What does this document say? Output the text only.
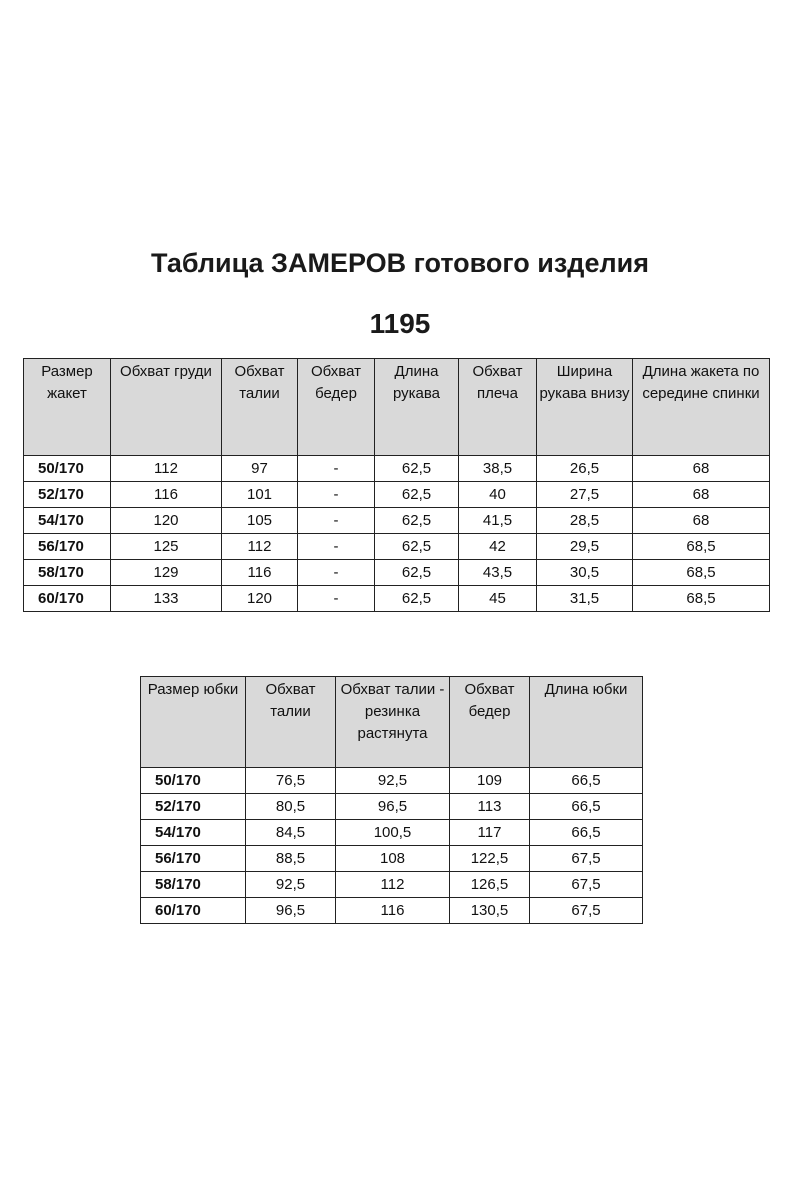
Таблица ЗАМЕРОВ готового изделия
1195
Размер жакет	Обхват груди	Обхват талии	Обхват бедер	Длина рукава	Обхват плеча	Ширина рукава внизу	Длина жакета по середине спинки
50/170	112	97	-	62,5	38,5	26,5	68
52/170	116	101	-	62,5	40	27,5	68
54/170	120	105	-	62,5	41,5	28,5	68
56/170	125	112	-	62,5	42	29,5	68,5
58/170	129	116	-	62,5	43,5	30,5	68,5
60/170	133	120	-	62,5	45	31,5	68,5
Размер юбки	Обхват талии	Обхват талии - резинка растянута	Обхват бедер	Длина юбки
50/170	76,5	92,5	109	66,5
52/170	80,5	96,5	113	66,5
54/170	84,5	100,5	117	66,5
56/170	88,5	108	122,5	67,5
58/170	92,5	112	126,5	67,5
60/170	96,5	116	130,5	67,5
